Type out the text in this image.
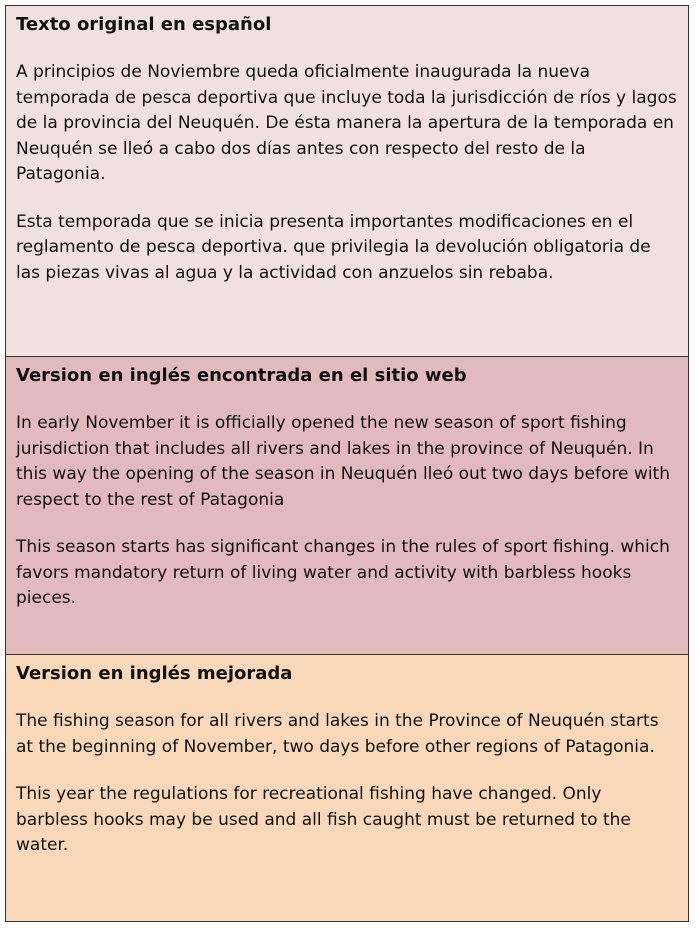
Texto original en español

A principios de Noviembre queda oficialmente inaugurada la nueva temporada de pesca deportiva que incluye toda la jurisdicción de ríos y lagos de la provincia del Neuquén. De ésta manera la apertura de la temporada en Neuquén se lleó a cabo dos días antes con respecto del resto de la Patagonia.

Esta temporada que se inicia presenta importantes modificaciones en el reglamento de pesca deportiva. que privilegia la devolución obligatoria de las piezas vivas al agua y la actividad con anzuelos sin rebaba.

Version en inglés encontrada en el sitio web

In early November it is officially opened the new season of sport fishing jurisdiction that includes all rivers and lakes in the province of Neuquén. In this way the opening of the season in Neuquén lleó out two days before with respect to the rest of Patagonia

This season starts has significant changes in the rules of sport fishing. which favors mandatory return of living water and activity with barbless hooks pieces.

Version en inglés mejorada

The fishing season for all rivers and lakes in the Province of Neuquén starts at the beginning of November, two days before other regions of Patagonia.

This year the regulations for recreational fishing have changed. Only barbless hooks may be used and all fish caught must be returned to the water.
